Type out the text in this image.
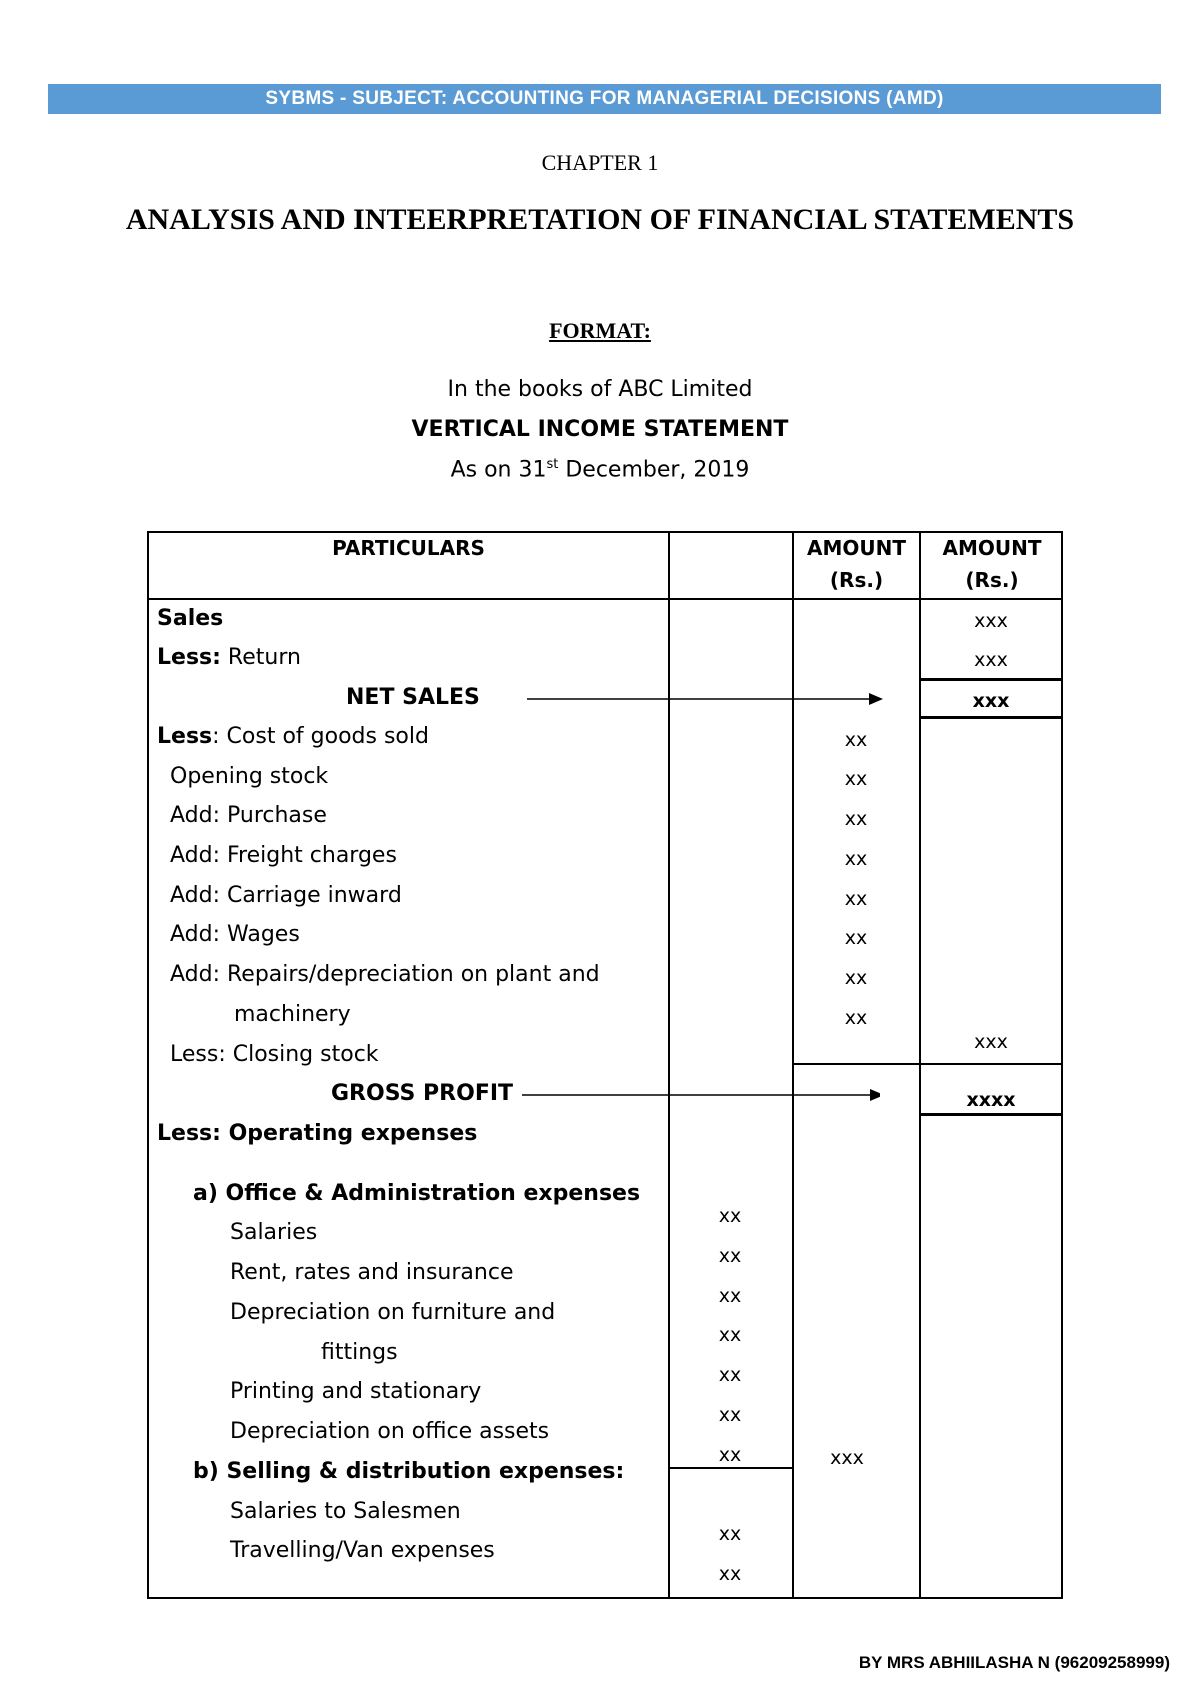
SYBMS - SUBJECT: ACCOUNTING FOR MANAGERIAL DECISIONS (AMD)
CHAPTER 1
ANALYSIS AND INTEERPRETATION OF FINANCIAL STATEMENTS
FORMAT:
In the books of ABC Limited
VERTICAL INCOME STATEMENT
As on 31st December, 2019
PARTICULARS	AMOUNT
(Rs.)
AMOUNT
(Rs.)
Sales
Less: Return
NET SALES
Less: Cost of goods sold
Opening stock
Add: Purchase
Add: Freight charges
Add: Carriage inward
Add: Wages
Add: Repairs/depreciation on plant and
machinery
Less: Closing stock
GROSS PROFIT
Less: Operating expenses
a) Office & Administration expenses
Salaries
Rent, rates and insurance
Depreciation on furniture and
fittings
Printing and stationary
Depreciation on office assets
b) Selling & distribution expenses:
Salaries to Salesmen
Travelling/Van expenses
xxx
xxx
xxx
xxx
xxxx
xx
xx
xx
xx
xx
xx
xx
xx
xxx
xx
xx
xx
xx
xx
xx
xx
xx
xx
BY MRS ABHIILASHA N (96209258999)
